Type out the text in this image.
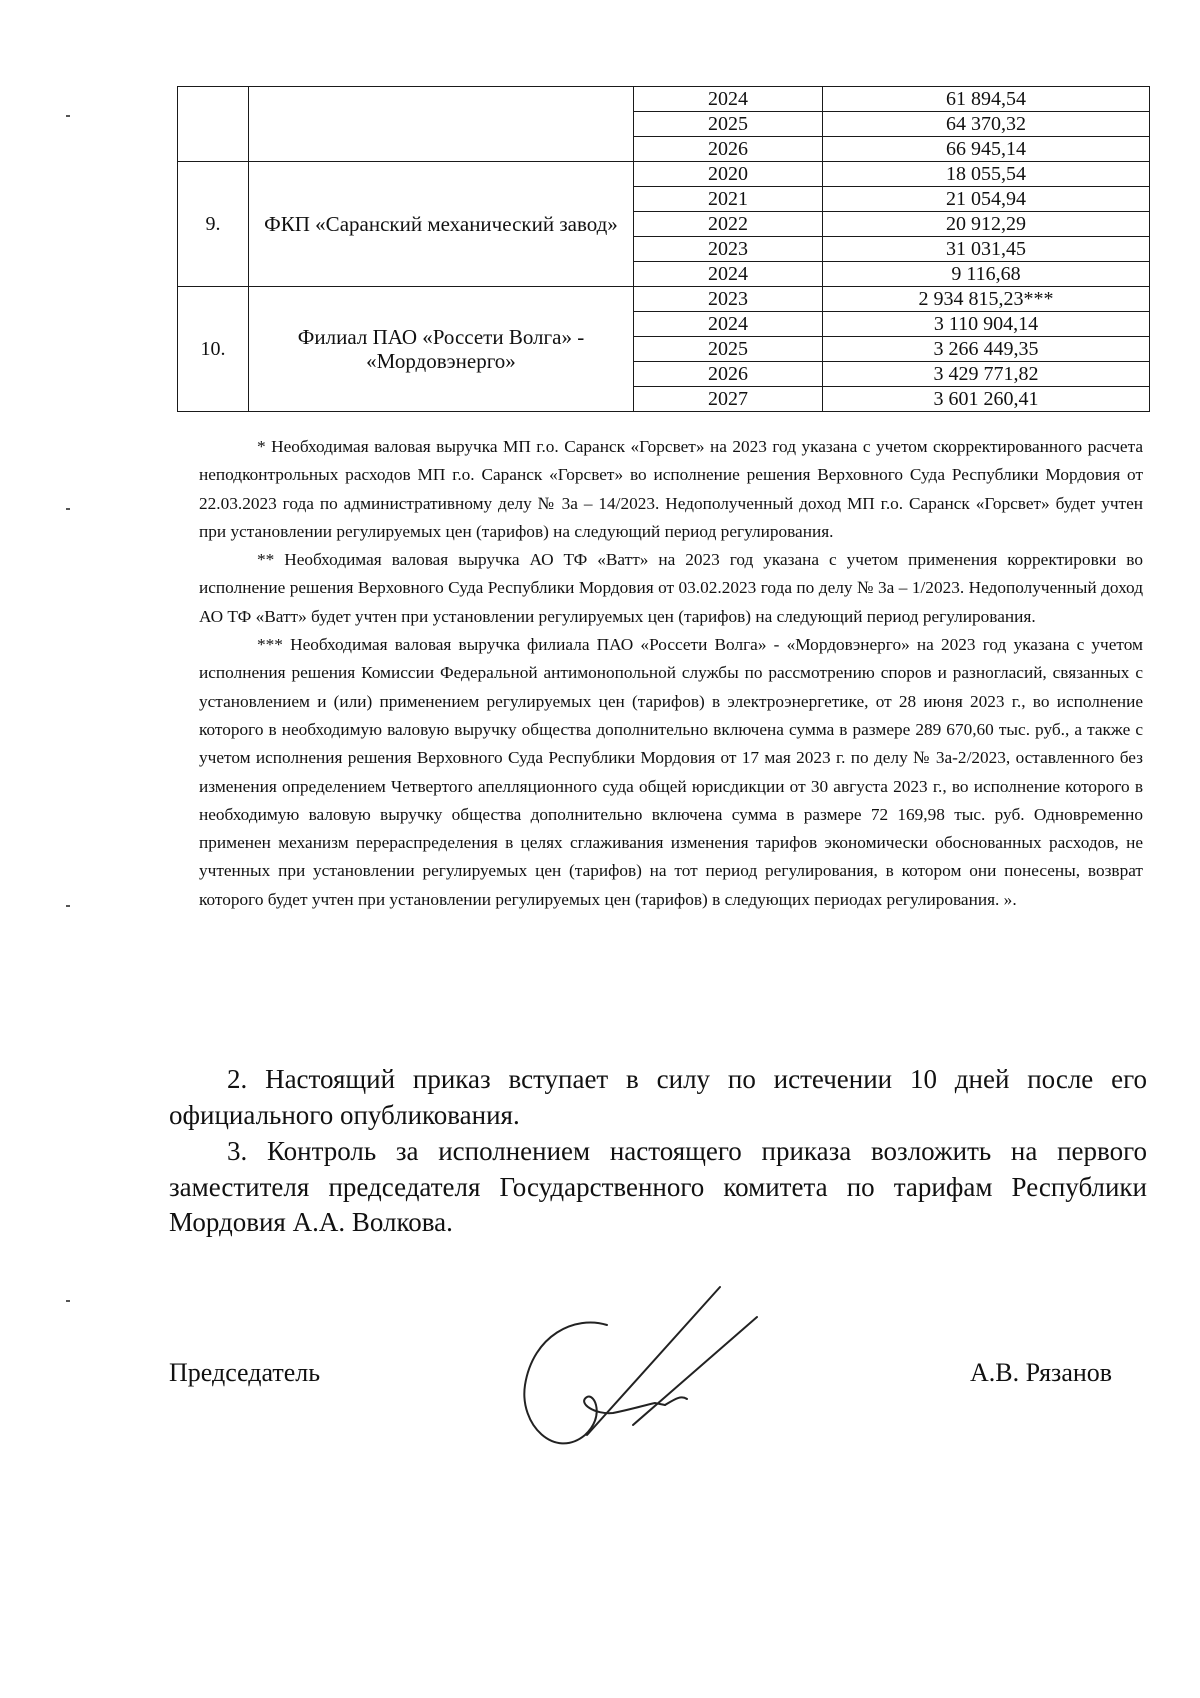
		2024	61 894,54
		2025	64 370,32
		2026	66 945,14
9.	ФКП «Саранский механический завод»	2020	18 055,54
		2021	21 054,94
		2022	20 912,29
		2023	31 031,45
		2024	9 116,68
10.	Филиал ПАО «Россети Волга» - «Мордовэнерго»	2023	2 934 815,23***
		2024	3 110 904,14
		2025	3 266 449,35
		2026	3 429 771,82
		2027	3 601 260,41

* Необходимая валовая выручка МП г.о. Саранск «Горсвет» на 2023 год указана с учетом скорректированного расчета неподконтрольных расходов МП г.о. Саранск «Горсвет» во исполнение решения Верховного Суда Республики Мордовия от 22.03.2023 года по административному делу № 3а – 14/2023. Недополученный доход МП г.о. Саранск «Горсвет» будет учтен при установлении регулируемых цен (тарифов) на следующий период регулирования.

** Необходимая валовая выручка АО ТФ «Ватт» на 2023 год указана с учетом применения корректировки во исполнение решения Верховного Суда Республики Мордовия от 03.02.2023 года по делу № 3а – 1/2023. Недополученный доход АО ТФ «Ватт» будет учтен при установлении регулируемых цен (тарифов) на следующий период регулирования.

*** Необходимая валовая выручка филиала ПАО «Россети Волга» - «Мордовэнерго» на 2023 год указана с учетом исполнения решения Комиссии Федеральной антимонопольной службы по рассмотрению споров и разногласий, связанных с установлением и (или) применением регулируемых цен (тарифов) в электроэнергетике, от 28 июня 2023 г., во исполнение которого в необходимую валовую выручку общества дополнительно включена сумма в размере 289 670,60 тыс. руб., а также с учетом исполнения решения Верховного Суда Республики Мордовия от 17 мая 2023 г. по делу № 3а-2/2023, оставленного без изменения определением Четвертого апелляционного суда общей юрисдикции от 30 августа 2023 г., во исполнение которого в необходимую валовую выручку общества дополнительно включена сумма в размере 72 169,98 тыс. руб. Одновременно применен механизм перераспределения в целях сглаживания изменения тарифов экономически обоснованных расходов, не учтенных при установлении регулируемых цен (тарифов) на тот период регулирования, в котором они понесены, возврат которого будет учтен при установлении регулируемых цен (тарифов) в следующих периодах регулирования. ».

2. Настоящий приказ вступает в силу по истечении 10 дней после его официального опубликования.

3. Контроль за исполнением настоящего приказа возложить на первого заместителя председателя Государственного комитета по тарифам Республики Мордовия А.А. Волкова.

Председатель	А.В. Рязанов
